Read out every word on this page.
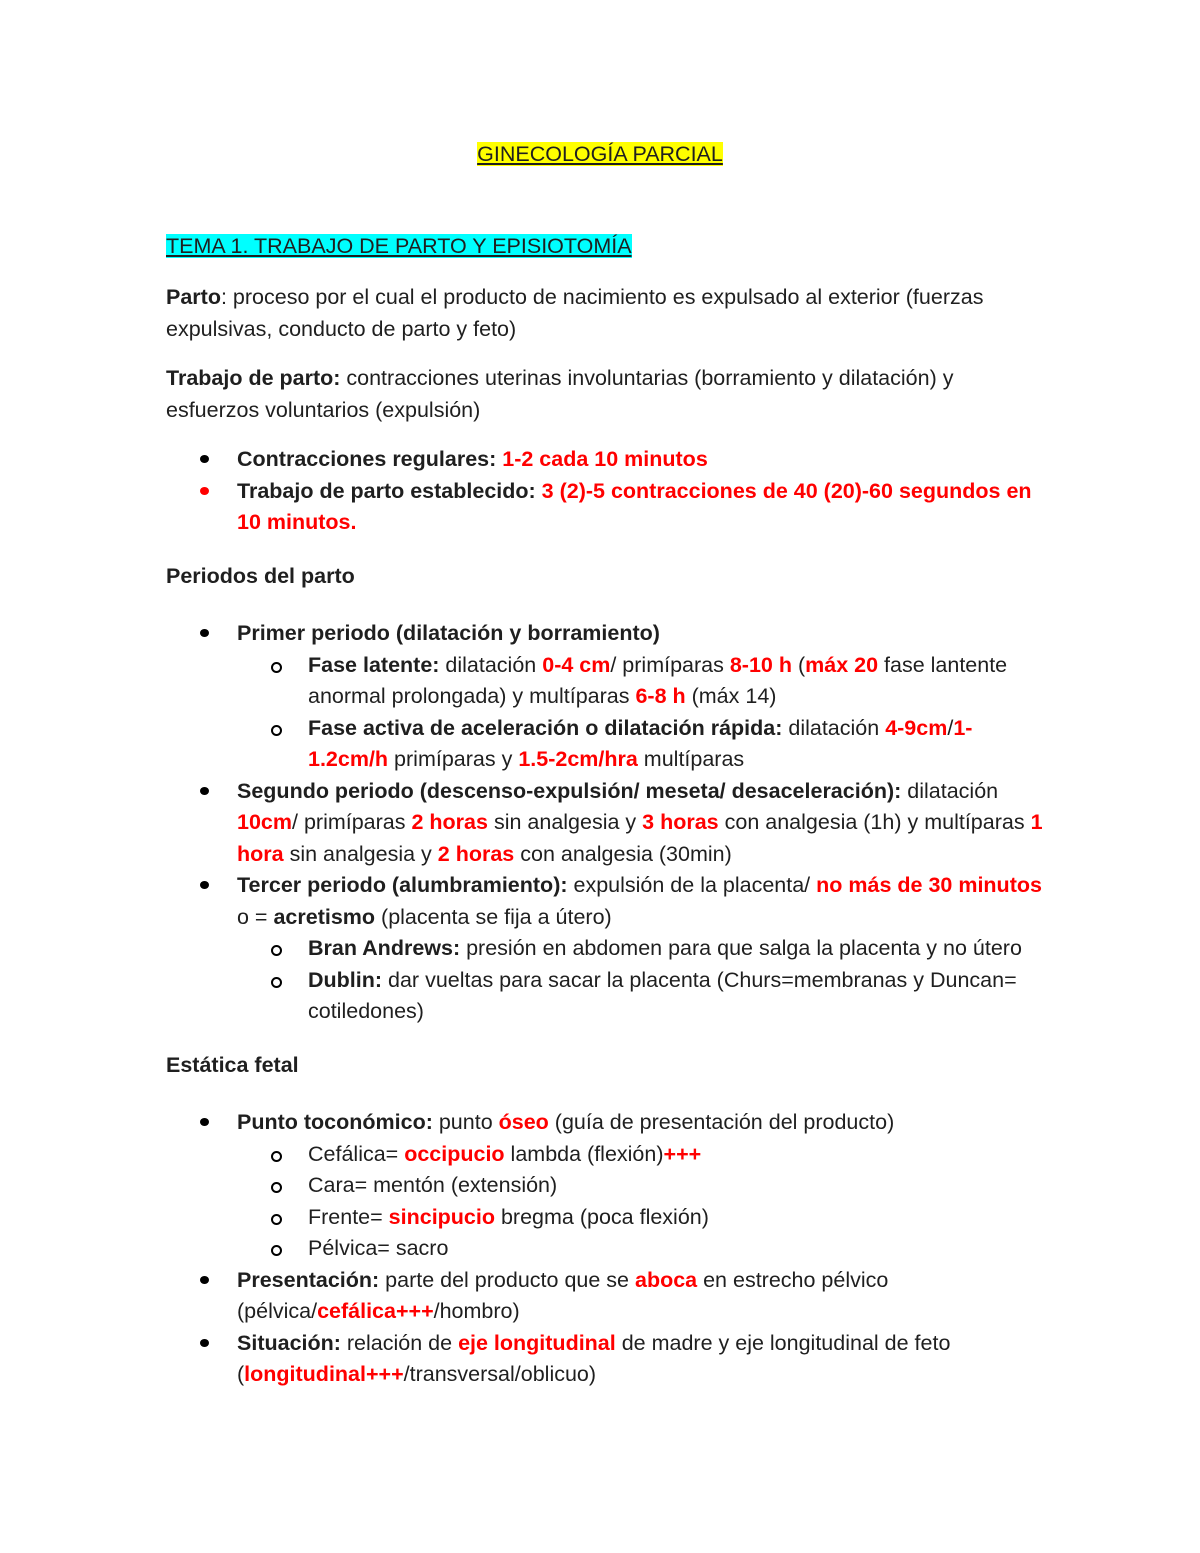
GINECOLOGÍA PARCIAL
TEMA 1. TRABAJO DE PARTO Y EPISIOTOMÍA

Parto: proceso por el cual el producto de nacimiento es expulsado al exterior (fuerzas expulsivas, conducto de parto y feto)

Trabajo de parto: contracciones uterinas involuntarias (borramiento y dilatación) y esfuerzos voluntarios (expulsión)

Contracciones regulares: 1-2 cada 10 minutos
Trabajo de parto establecido: 3 (2)-5 contracciones de 40 (20)-60 segundos en 10 minutos.
Periodos del parto
Primer periodo (dilatación y borramiento)
Fase latente: dilatación 0-4 cm/ primíparas 8-10 h (máx 20 fase lantente anormal prolongada) y multíparas 6-8 h (máx 14)
Fase activa de aceleración o dilatación rápida: dilatación 4-9cm/1-1.2cm/h primíparas y 1.5-2cm/hra multíparas
Segundo periodo (descenso-expulsión/ meseta/ desaceleración): dilatación 10cm/ primíparas 2 horas sin analgesia y 3 horas con analgesia (1h) y multíparas 1 hora sin analgesia y 2 horas con analgesia (30min)
Tercer periodo (alumbramiento): expulsión de la placenta/ no más de 30 minutos o = acretismo (placenta se fija a útero)
Bran Andrews: presión en abdomen para que salga la placenta y no útero
Dublin: dar vueltas para sacar la placenta (Churs=membranas y Duncan= cotiledones)
Estática fetal
Punto toconómico: punto óseo (guía de presentación del producto)
Cefálica= occipucio lambda (flexión)+++
Cara= mentón (extensión)
Frente= sincipucio bregma (poca flexión)
Pélvica= sacro
Presentación: parte del producto que se aboca en estrecho pélvico (pélvica/cefálica+++/hombro)
Situación: relación de eje longitudinal de madre y eje longitudinal de feto (longitudinal+++/transversal/oblicuo)
